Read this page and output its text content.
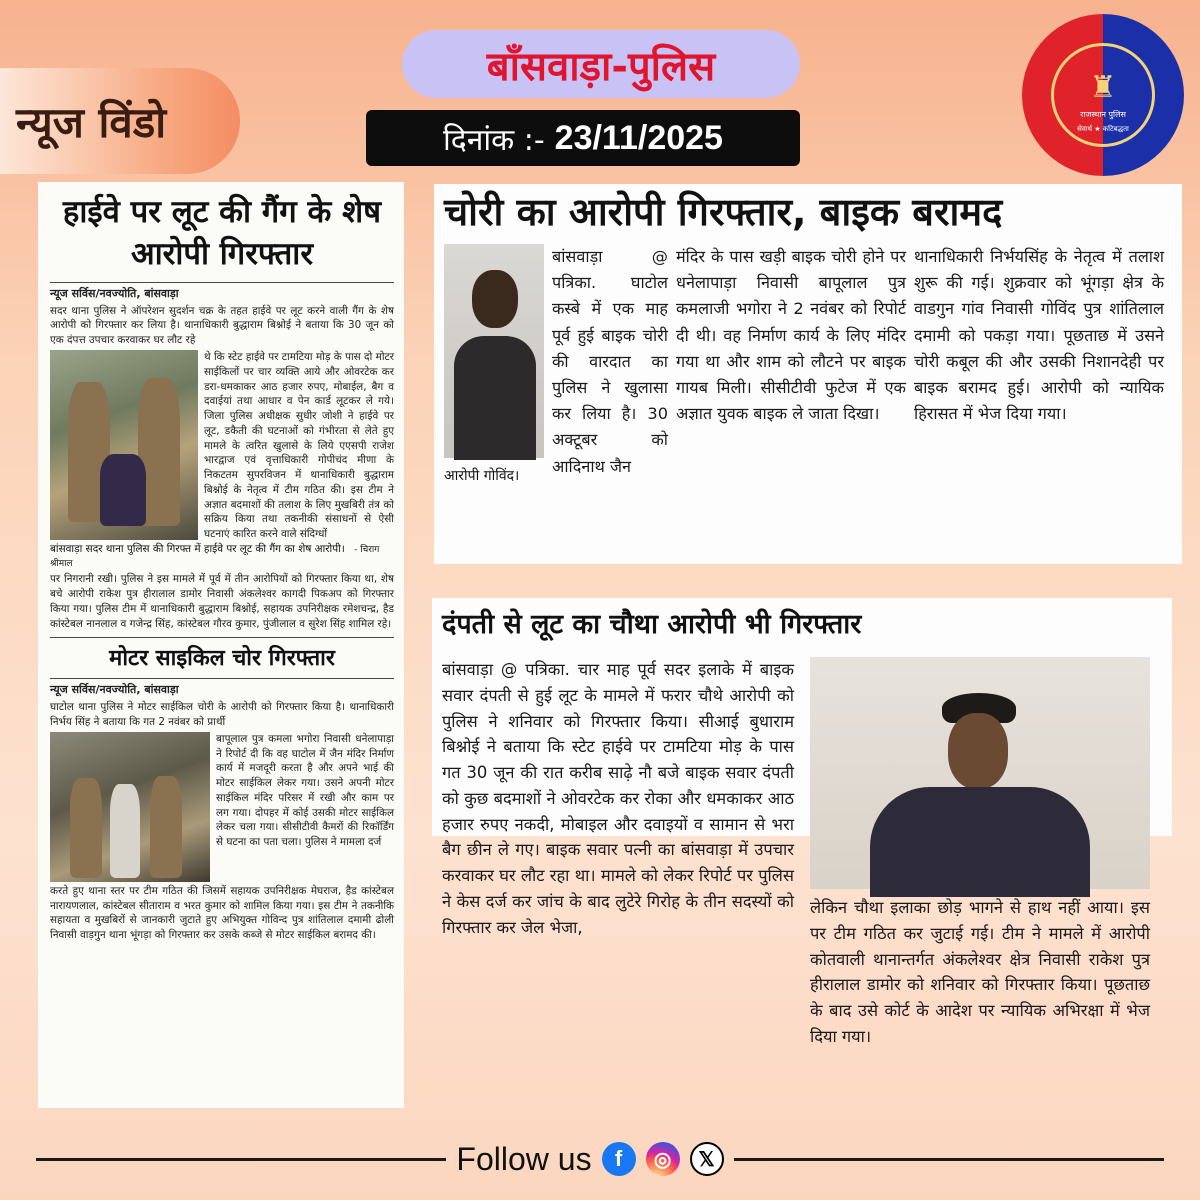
न्यूज विंडो
बाँसवाड़ा-पुलिस
दिनांक :- 23/11/2025
♜
राजस्थान पुलिस
सेवार्थ ★ कटिबद्धता
हाईवे पर लूट की गैंग के शेष आरोपी गिरफ्तार
न्यूज सर्विस/नवज्योति, बांसवाड़ा

सदर थाना पुलिस ने ऑपरेशन सुदर्शन चक्र के तहत हाईवे पर लूट करने वाली गैंग के शेष आरोपी को गिरफ्तार कर लिया है। थानाधिकारी बुद्धाराम बिश्नोई ने बताया कि 30 जून को एक दंपत्त उपचार करवाकर घर लौट रहे

थे कि स्टेट हाईवे पर टामटिया मोड़ के पास दो मोटर साईकिलों पर चार व्यक्ति आये और ओवरटेक कर डरा-धमकाकर आठ हजार रुपए, मोबाईल, बैग व दवाईयां तथा आधार व पेन कार्ड लूटकर ले गये। जिला पुलिस अधीक्षक सुधीर जोशी ने हाईवे पर लूट, डकैती की घटनाओं को गंभीरता से लेते हुए मामले के त्वरित खुलासे के लिये एएसपी राजेश भारद्वाज एवं वृत्ताधिकारी गोपीचंद मीणा के निकटतम सुपरविजन में थानाधिकारी बुद्धाराम बिश्नोई के नेतृत्व में टीम गठित की। इस टीम ने अज्ञात बदमाशों की तलाश के लिए मुखबिरी तंत्र को सक्रिय किया तथा तकनीकी संसाधनों से ऐसी घटनाएं कारित करने वाले संदिग्धों

बांसवाड़ा सदर थाना पुलिस की गिरफ्त में हाईवे पर लूट की गैंग का शेष आरोपी। - चिराग श्रीमाल

पर निगरानी रखी। पुलिस ने इस मामले में पूर्व में तीन आरोपियों को गिरफ्तार किया था, शेष बचे आरोपी राकेश पुत्र हीरालाल डामोर निवासी अंकलेश्वर कागदी पिकअप को गिरफ्तार किया गया। पुलिस टीम में थानाधिकारी बुद्धाराम बिश्नोई, सहायक उपनिरीक्षक रमेशचन्द्र, हैड कांस्टेबल नानलाल व गजेन्द्र सिंह, कांस्टेबल गौरव कुमार, पुंजीलाल व सुरेश सिंह शामिल रहे।

मोटर साइकिल चोर गिरफ्तार
न्यूज सर्विस/नवज्योति, बांसवाड़ा

घाटोल थाना पुलिस ने मोटर साईकिल चोरी के आरोपी को गिरफ्तार किया है। थानाधिकारी निर्भय सिंह ने बताया कि गत 2 नवंबर को प्रार्थी

बापूलाल पुत्र कमला भगोरा निवासी धनेलापाड़ा ने रिपोर्ट दी कि वह घाटोल में जैन मंदिर निर्माण कार्य में मजदूरी करता है और अपने भाई की मोटर साईकिल लेकर गया। उसने अपनी मोटर साईकिल मंदिर परिसर में रखी और काम पर लग गया। दोपहर में कोई उसकी मोटर साईकिल लेकर चला गया। सीसीटीवी कैमरों की रिकॉर्डिंग से घटना का पता चला। पुलिस ने मामला दर्ज

करते हुए थाना स्तर पर टीम गठित की जिसमें सहायक उपनिरीक्षक मेघराज, हैड कांस्टेबल नारायणलाल, कांस्टेबल सीताराम व भरत कुमार को शामिल किया गया। इस टीम ने तकनीकि सहायता व मुखबिरों से जानकारी जुटाते हुए अभियुक्त गोविन्द पुत्र शांतिलाल दमामी ढोली निवासी वाड़गुन थाना भूंगड़ा को गिरफ्तार कर उसके कब्जे से मोटर साईकिल बरामद की।

चोरी का आरोपी गिरफ्तार, बाइक बरामद
आरोपी गोविंद।

बांसवाड़ा @ पत्रिका. घाटोल कस्बे में एक माह पूर्व हुई बाइक चोरी की वारदात का पुलिस ने खुलासा कर लिया है। 30 अक्टूबर को आदिनाथ जैन

मंदिर के पास खड़ी बाइक चोरी होने पर धनेलापाड़ा निवासी बापूलाल पुत्र कमलाजी भगोरा ने 2 नवंबर को रिपोर्ट दी थी। वह निर्माण कार्य के लिए मंदिर गया था और शाम को लौटने पर बाइक गायब मिली। सीसीटीवी फुटेज में एक अज्ञात युवक बाइक ले जाता दिखा।

थानाधिकारी निर्भयसिंह के नेतृत्व में तलाश शुरू की गई। शुक्रवार को भूंगड़ा क्षेत्र के वाडगुन गांव निवासी गोविंद पुत्र शांतिलाल दमामी को पकड़ा गया। पूछताछ में उसने चोरी कबूल की और उसकी निशानदेही पर बाइक बरामद हुई। आरोपी को न्यायिक हिरासत में भेज दिया गया।

दंपती से लूट का चौथा आरोपी भी गिरफ्तार

बांसवाड़ा @ पत्रिका. चार माह पूर्व सदर इलाके में बाइक सवार दंपती से हुई लूट के मामले में फरार चौथे आरोपी को पुलिस ने शनिवार को गिरफ्तार किया। सीआई बुधाराम बिश्नोई ने बताया कि स्टेट हाईवे पर टामटिया मोड़ के पास गत 30 जून की रात करीब साढ़े नौ बजे बाइक सवार दंपती को कुछ बदमाशों ने ओवरटेक कर रोका और धमकाकर आठ हजार रुपए नकदी, मोबाइल और दवाइयों व सामान से भरा बैग छीन ले गए। बाइक सवार पत्नी का बांसवाड़ा में उपचार करवाकर घर लौट रहा था। मामले को लेकर रिपोर्ट पर पुलिस ने केस दर्ज कर जांच के बाद लुटेरे गिरोह के तीन सदस्यों को गिरफ्तार कर जेल भेजा,

लेकिन चौथा इलाका छोड़ भागने से हाथ नहीं आया। इस पर टीम गठित कर जुटाई गई। टीम ने मामले में आरोपी कोतवाली थानान्तर्गत अंकलेश्वर क्षेत्र निवासी राकेश पुत्र हीरालाल डामोर को शनिवार को गिरफ्तार किया। पूछताछ के बाद उसे कोर्ट के आदेश पर न्यायिक अभिरक्षा में भेज दिया गया।

Follow us	f	◎	𝕏
